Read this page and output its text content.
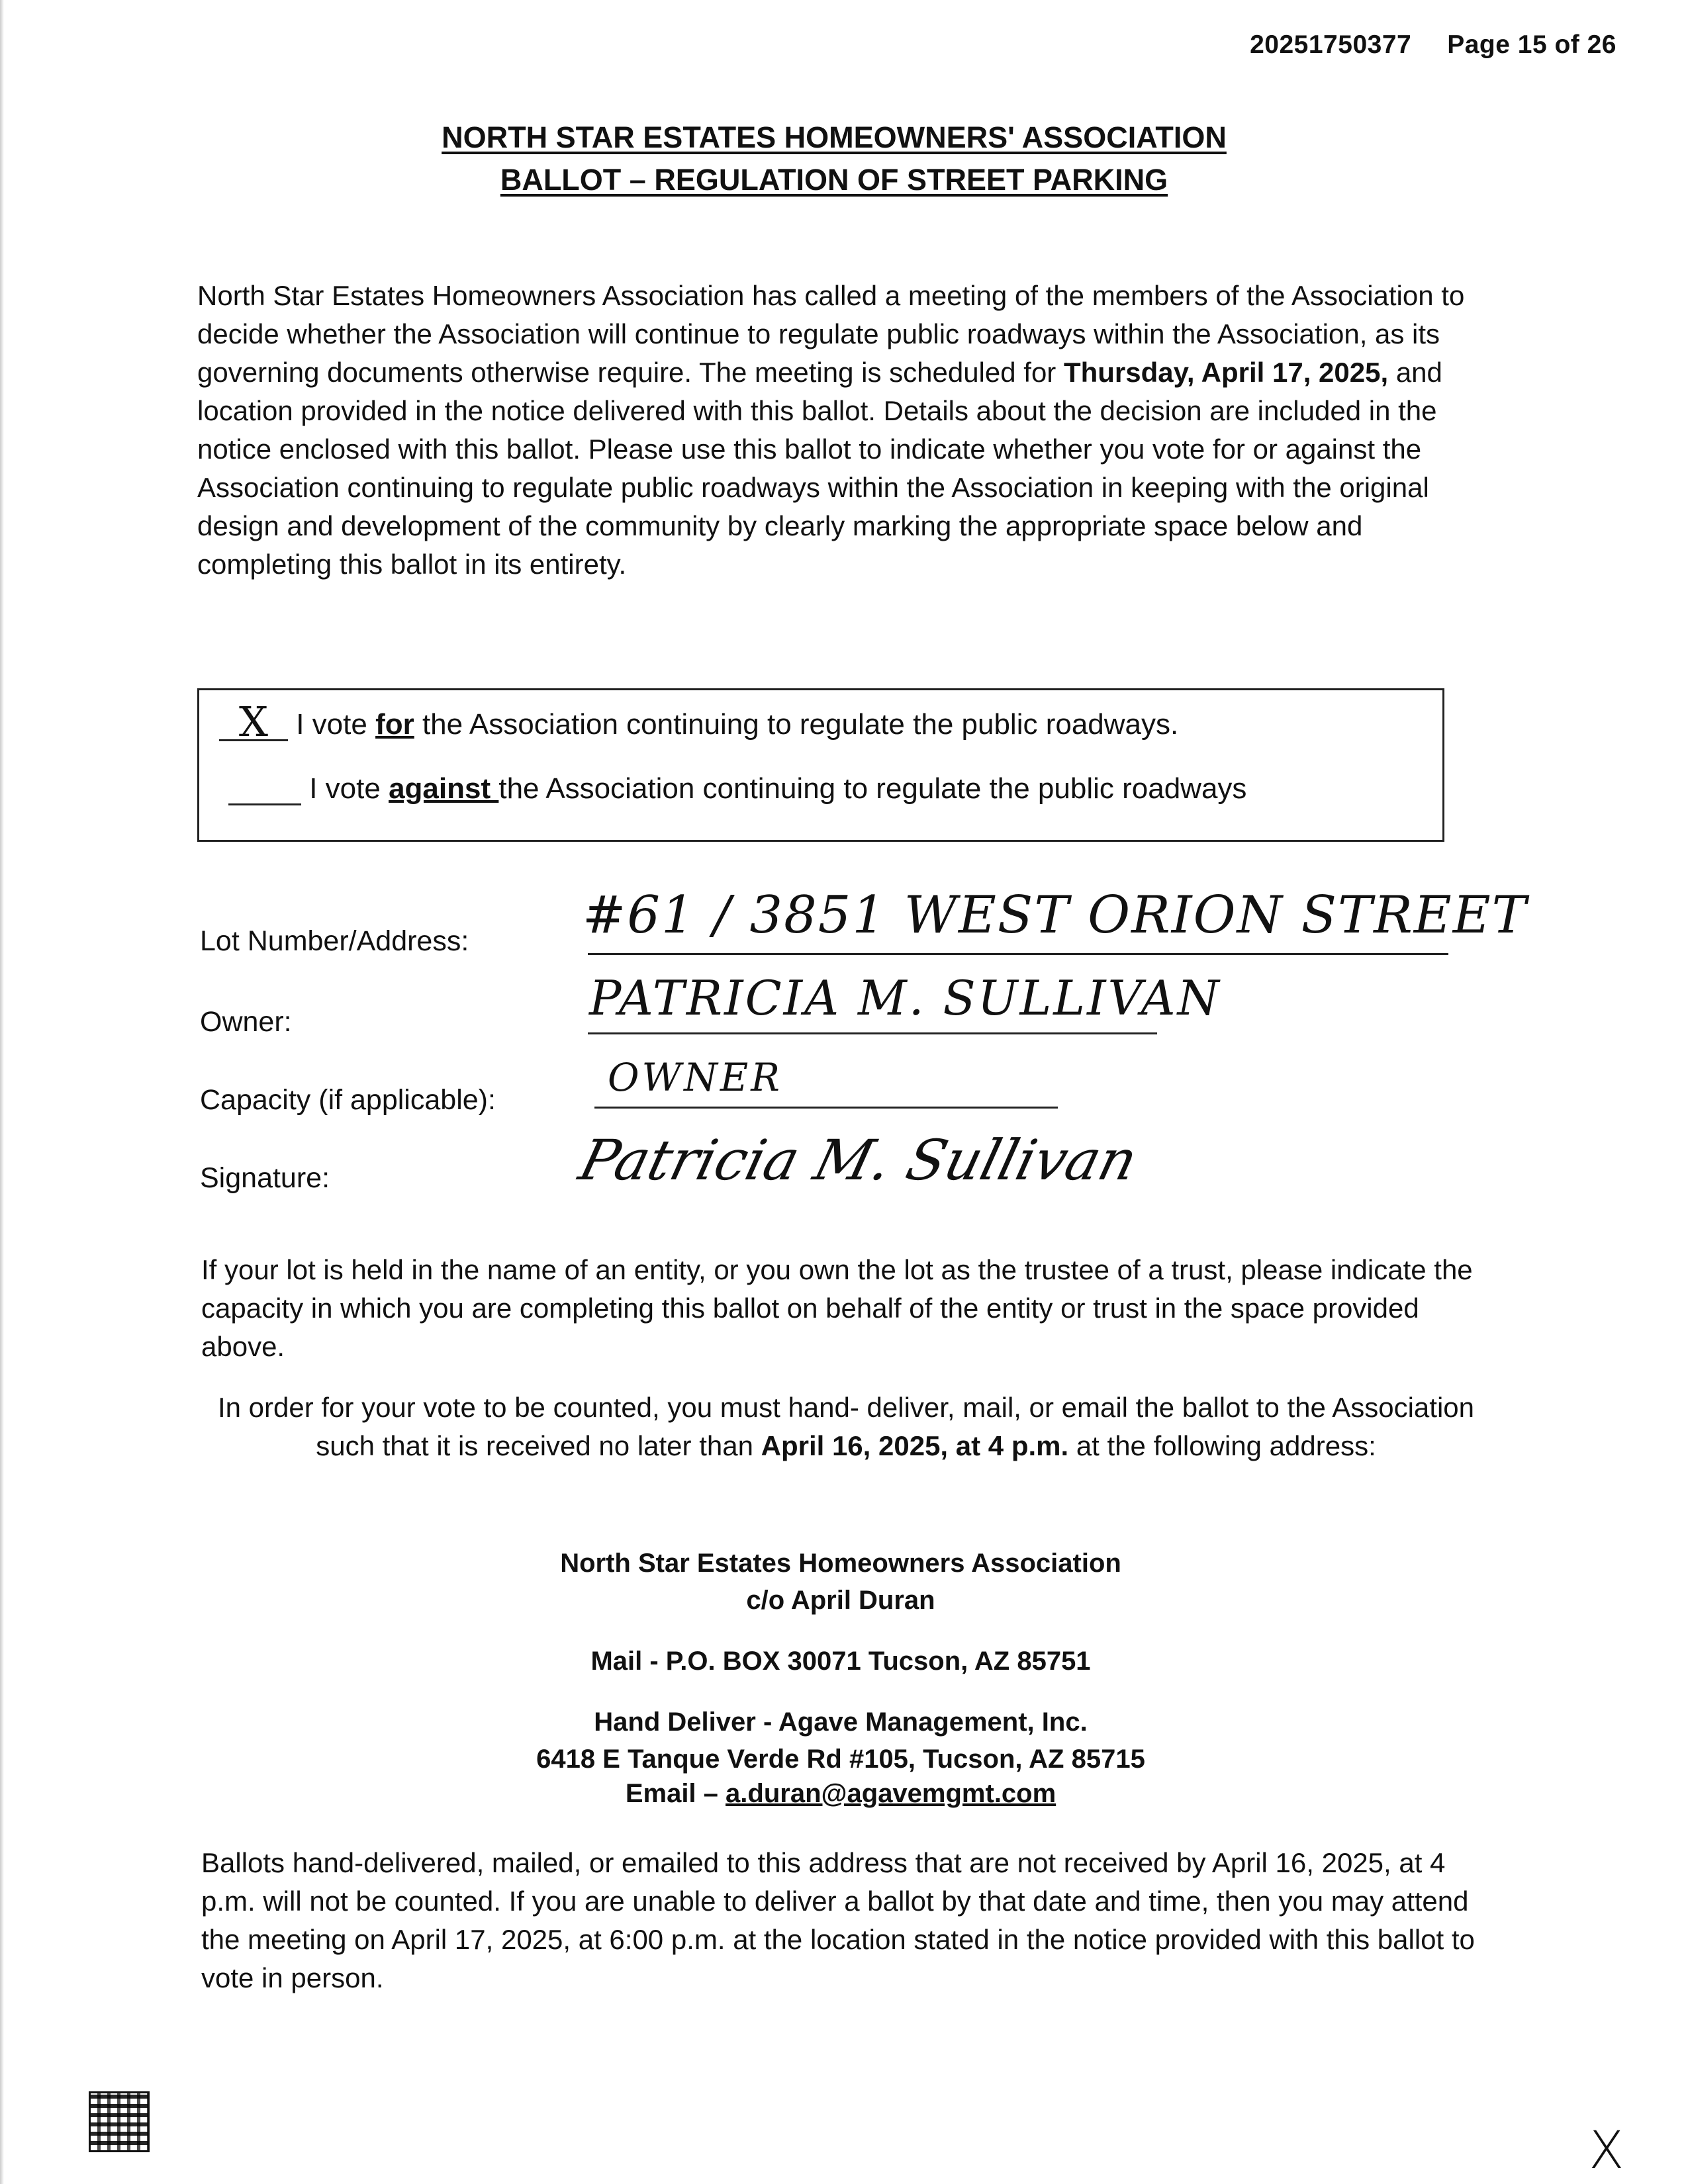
20251750377 Page 15 of 26
NORTH STAR ESTATES HOMEOWNERS' ASSOCIATION
BALLOT – REGULATION OF STREET PARKING
North Star Estates Homeowners Association has called a meeting of the members of the Association to decide whether the Association will continue to regulate public roadways within the Association, as its governing documents otherwise require. The meeting is scheduled for Thursday, April 17, 2025, and location provided in the notice delivered with this ballot. Details about the decision are included in the notice enclosed with this ballot. Please use this ballot to indicate whether you vote for or against the Association continuing to regulate public roadways within the Association in keeping with the original design and development of the community by clearly marking the appropriate space below and completing this ballot in its entirety.
X I vote for the Association continuing to regulate the public roadways.
I vote against the Association continuing to regulate the public roadways
Lot Number/Address: #61 / 3851 WEST ORION STREET
Owner:	PATRICIA M. SULLIVAN
Capacity (if applicable):	OWNER
Signature:	Patricia M. Sullivan
If your lot is held in the name of an entity, or you own the lot as the trustee of a trust, please indicate the capacity in which you are completing this ballot on behalf of the entity or trust in the space provided above.
In order for your vote to be counted, you must hand- deliver, mail, or email the ballot to the Association such that it is received no later than April 16, 2025, at 4 p.m. at the following address:
North Star Estates Homeowners Association
c/o April Duran
Mail - P.O. BOX 30071 Tucson, AZ 85751
Hand Deliver - Agave Management, Inc.
6418 E Tanque Verde Rd #105, Tucson, AZ 85715
Email – a.duran@agavemgmt.com
Ballots hand-delivered, mailed, or emailed to this address that are not received by April 16, 2025, at 4 p.m. will not be counted. If you are unable to deliver a ballot by that date and time, then you may attend the meeting on April 17, 2025, at 6:00 p.m. at the location stated in the notice provided with this ballot to vote in person.
X
